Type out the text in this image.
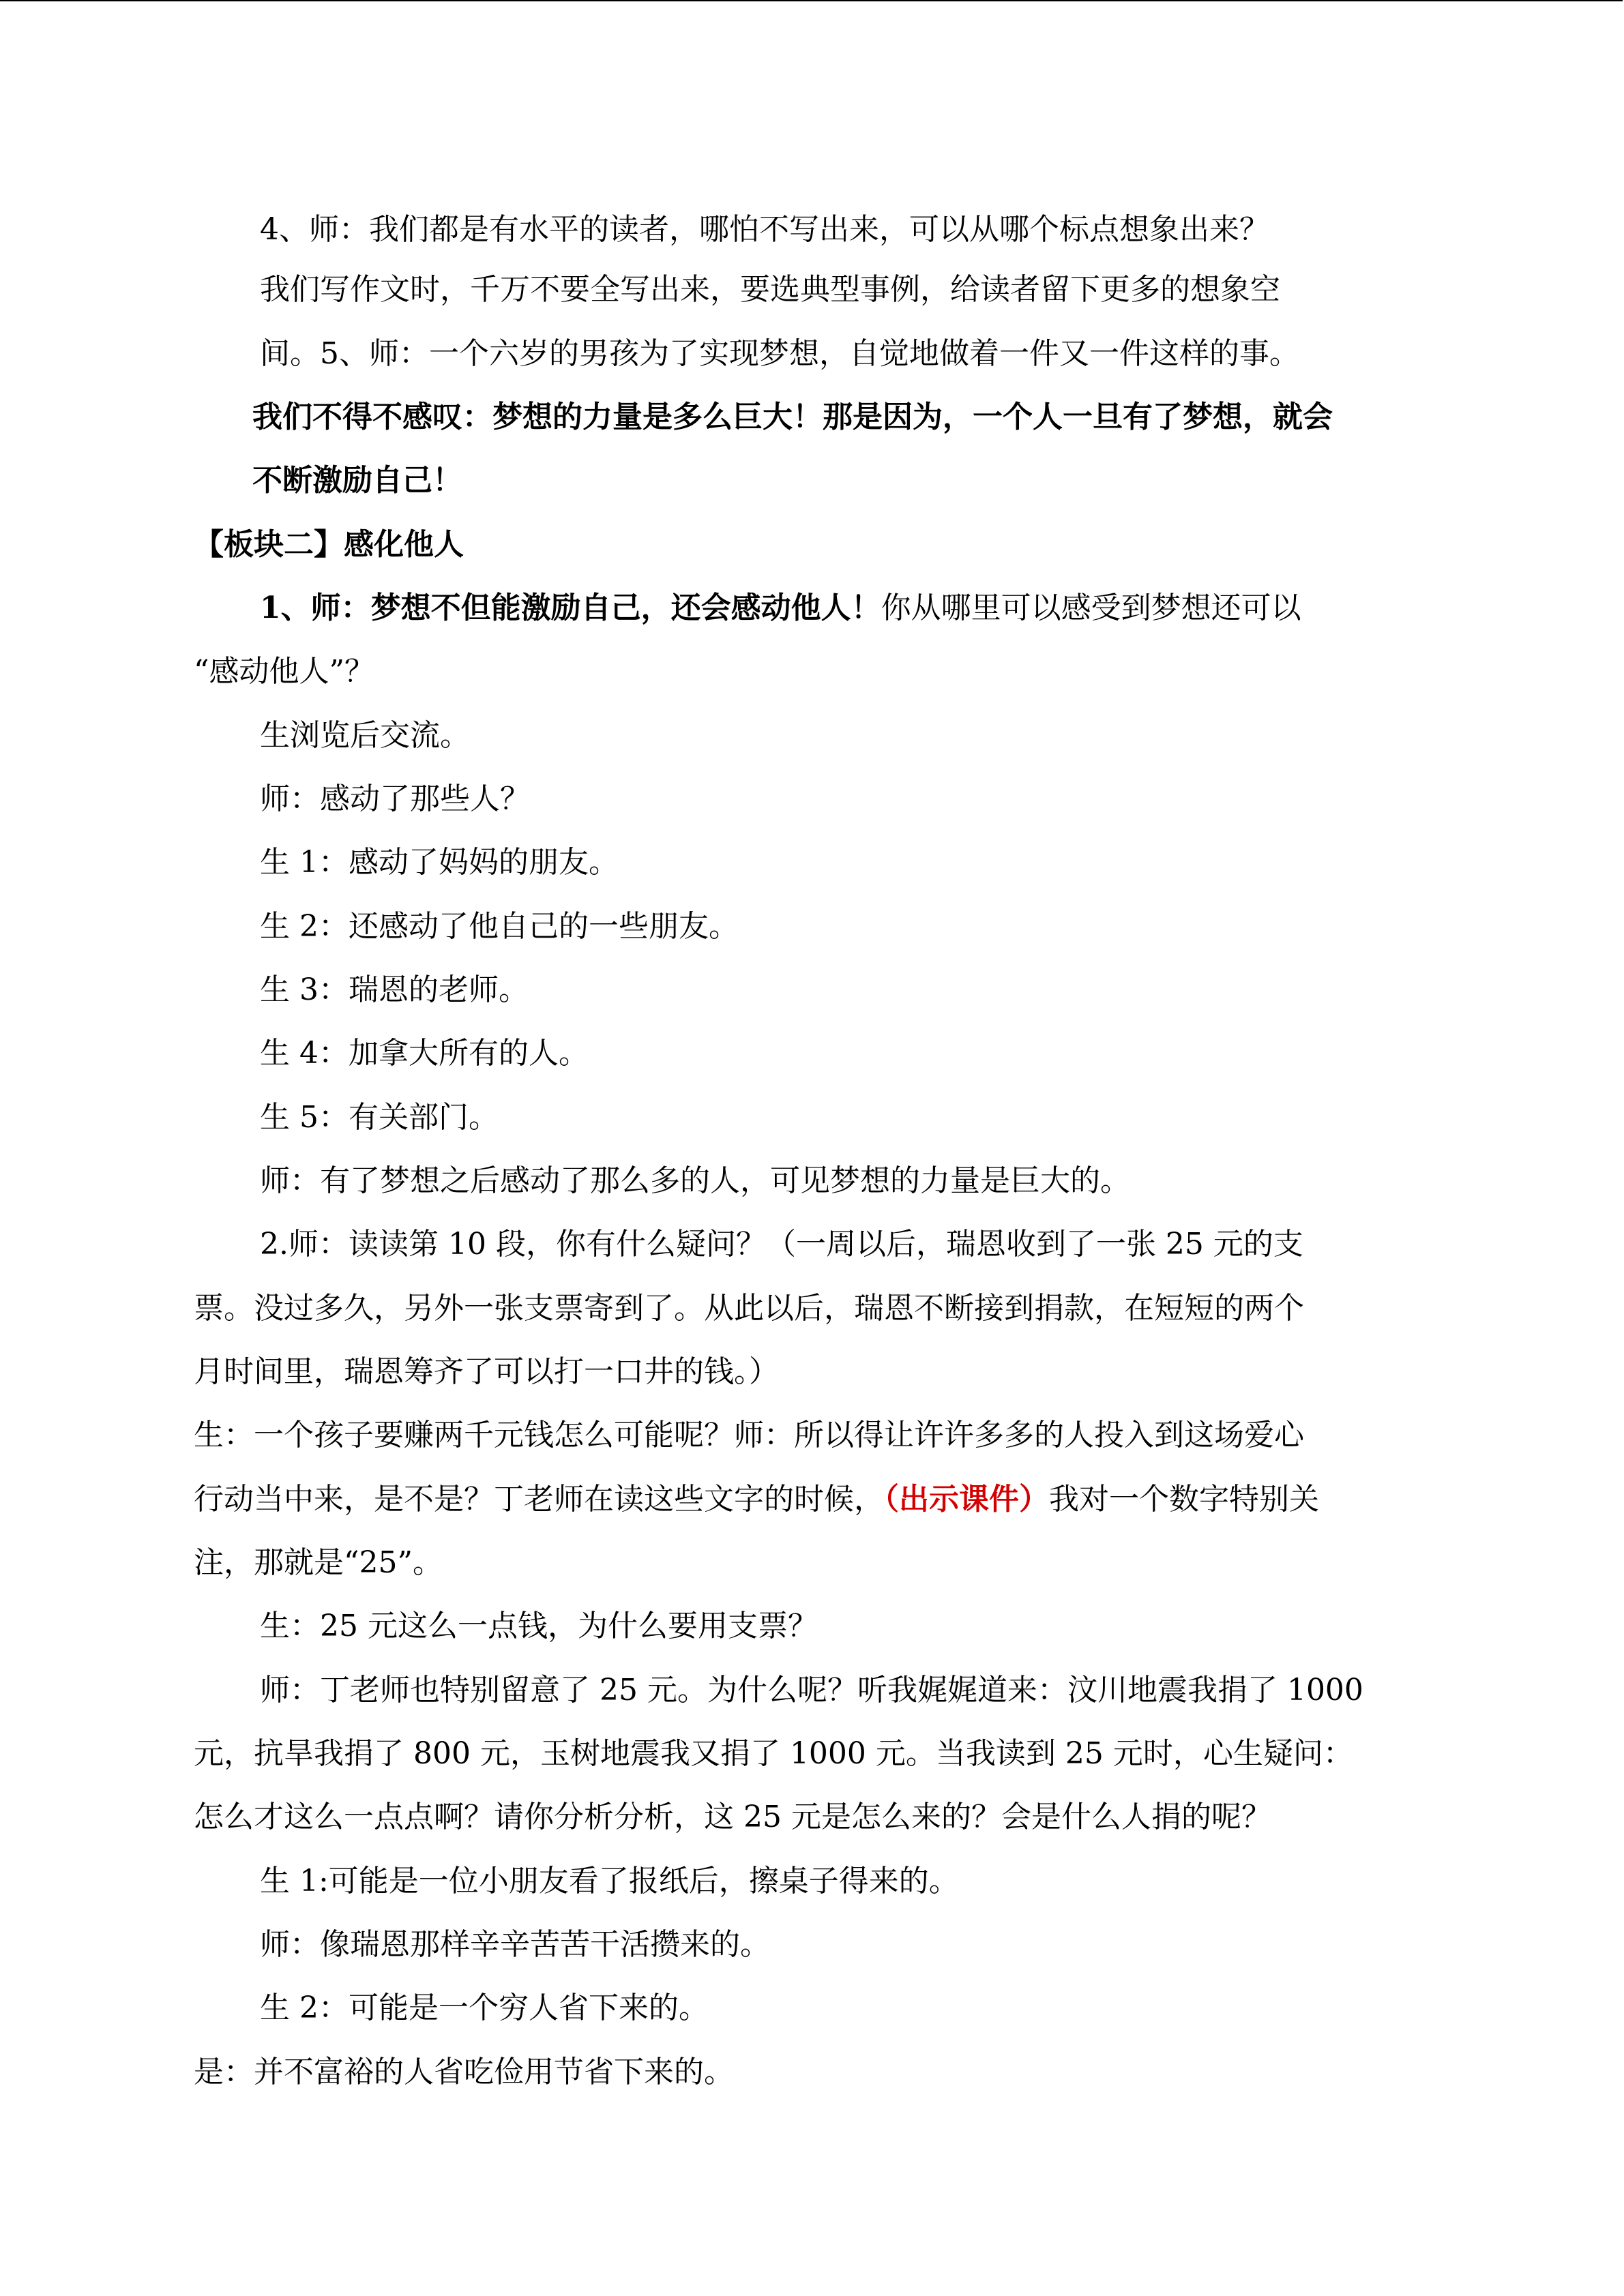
4、师：我们都是有水平的读者，哪怕不写出来，可以从哪个标点想象出来？
我们写作文时，千万不要全写出来，要选典型事例，给读者留下更多的想象空
间。5、师：一个六岁的男孩为了实现梦想，自觉地做着一件又一件这样的事。
我们不得不感叹：梦想的力量是多么巨大！那是因为，一个人一旦有了梦想，就会
不断激励自己！
【板块二】感化他人
1、师：梦想不但能激励自己，还会感动他人！你从哪里可以感受到梦想还可以
“感动他人”？
生浏览后交流。
师：感动了那些人？
生 1：感动了妈妈的朋友。
生 2：还感动了他自己的一些朋友。
生 3：瑞恩的老师。
生 4：加拿大所有的人。
生 5：有关部门。
师：有了梦想之后感动了那么多的人，可见梦想的力量是巨大的。
2.师：读读第 10 段，你有什么疑问？（一周以后，瑞恩收到了一张 25 元的支
票。没过多久，另外一张支票寄到了。从此以后，瑞恩不断接到捐款，在短短的两个
月时间里，瑞恩筹齐了可以打一口井的钱。）
生：一个孩子要赚两千元钱怎么可能呢？师：所以得让许许多多的人投入到这场爱心
行动当中来，是不是？丁老师在读这些文字的时候，（出示课件）我对一个数字特别关
注，那就是“25”。
生：25 元这么一点钱，为什么要用支票？
师：丁老师也特别留意了 25 元。为什么呢？听我娓娓道来：汶川地震我捐了 1000
元，抗旱我捐了 800 元，玉树地震我又捐了 1000 元。当我读到 25 元时，心生疑问：
怎么才这么一点点啊？请你分析分析，这 25 元是怎么来的？会是什么人捐的呢？
生 1:可能是一位小朋友看了报纸后，擦桌子得来的。
师：像瑞恩那样辛辛苦苦干活攒来的。
生 2：可能是一个穷人省下来的。
是：并不富裕的人省吃俭用节省下来的。
